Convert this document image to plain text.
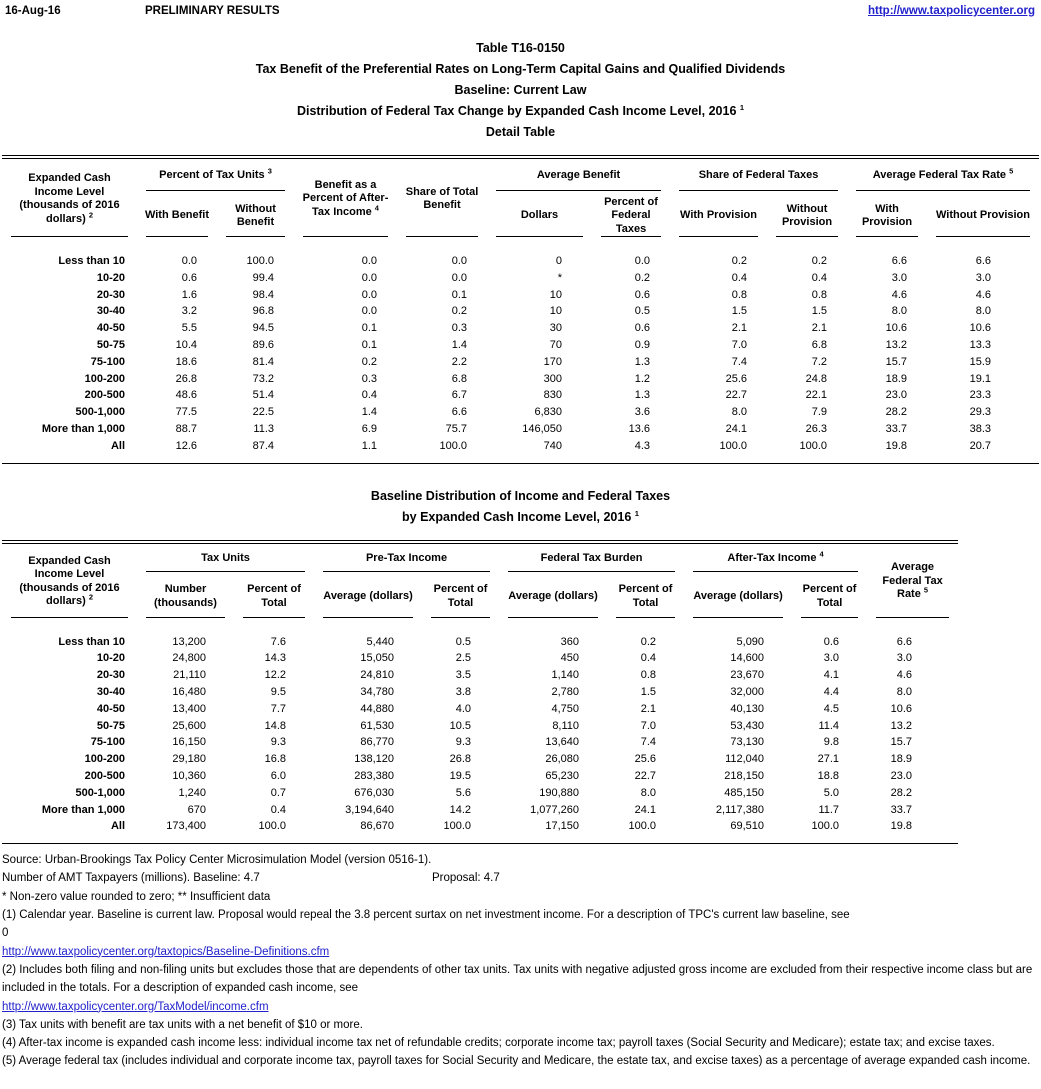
16-Aug-16	PRELIMINARY RESULTS	http://www.taxpolicycenter.org
Table T16-0150
Tax Benefit of the Preferential Rates on Long-Term Capital Gains and Qualified Dividends
Baseline: Current Law
Distribution of Federal Tax Change by Expanded Cash Income Level, 2016 $^1$
Detail Table
Expanded Cash Income Level (thousands of 2016 dollars) $^2$	Percent of Tax Units $^3$		Benefit as a Percent of After-Tax Income $^4$	Share of Total Benefit	Average Benefit		Share of Federal Taxes		Average Federal Tax Rate $^5$
	With Benefit	Without Benefit			Dollars	Percent of Federal Taxes	With Provision	Without Provision	With Provision	Without Provision
Less than 10	0.0	100.0	0.0	0.0	0	0.0	0.2	0.2	6.6	6.6
10-20	0.6	99.4	0.0	0.0	*	0.2	0.4	0.4	3.0	3.0
20-30	1.6	98.4	0.0	0.1	10	0.6	0.8	0.8	4.6	4.6
30-40	3.2	96.8	0.0	0.2	10	0.5	1.5	1.5	8.0	8.0
40-50	5.5	94.5	0.1	0.3	30	0.6	2.1	2.1	10.6	10.6
50-75	10.4	89.6	0.1	1.4	70	0.9	7.0	6.8	13.2	13.3
75-100	18.6	81.4	0.2	2.2	170	1.3	7.4	7.2	15.7	15.9
100-200	26.8	73.2	0.3	6.8	300	1.2	25.6	24.8	18.9	19.1
200-500	48.6	51.4	0.4	6.7	830	1.3	22.7	22.1	23.0	23.3
500-1,000	77.5	22.5	1.4	6.6	6,830	3.6	8.0	7.9	28.2	29.3
More than 1,000	88.7	11.3	6.9	75.7	146,050	13.6	24.1	26.3	33.7	38.3
All	12.6	87.4	1.1	100.0	740	4.3	100.0	100.0	19.8	20.7
Baseline Distribution of Income and Federal Taxes
by Expanded Cash Income Level, 2016 $^1$
Expanded Cash Income Level (thousands of 2016 dollars) $^2$	Tax Units		Pre-Tax Income		Federal Tax Burden		After-Tax Income $^4$		Average Federal Tax Rate $^5$
	Number (thousands)	Percent of Total	Average (dollars)	Percent of Total	Average (dollars)	Percent of Total	Average (dollars)	Percent of Total	
Less than 10	13,200	7.6	5,440	0.5	360	0.2	5,090	0.6	6.6
10-20	24,800	14.3	15,050	2.5	450	0.4	14,600	3.0	3.0
20-30	21,110	12.2	24,810	3.5	1,140	0.8	23,670	4.1	4.6
30-40	16,480	9.5	34,780	3.8	2,780	1.5	32,000	4.4	8.0
40-50	13,400	7.7	44,880	4.0	4,750	2.1	40,130	4.5	10.6
50-75	25,600	14.8	61,530	10.5	8,110	7.0	53,430	11.4	13.2
75-100	16,150	9.3	86,770	9.3	13,640	7.4	73,130	9.8	15.7
100-200	29,180	16.8	138,120	26.8	26,080	25.6	112,040	27.1	18.9
200-500	10,360	6.0	283,380	19.5	65,230	22.7	218,150	18.8	23.0
500-1,000	1,240	0.7	676,030	5.6	190,880	8.0	485,150	5.0	28.2
More than 1,000	670	0.4	3,194,640	14.2	1,077,260	24.1	2,117,380	11.7	33.7
All	173,400	100.0	86,670	100.0	17,150	100.0	69,510	100.0	19.8

Source: Urban-Brookings Tax Policy Center Microsimulation Model (version 0516-1).

Number of AMT Taxpayers (millions). Baseline: 4.7	Proposal: 4.7

* Non-zero value rounded to zero; ** Insufficient data

(1) Calendar year. Baseline is current law. Proposal would repeal the 3.8 percent surtax on net investment income. For a description of TPC's current law baseline, see

0

http://www.taxpolicycenter.org/taxtopics/Baseline-Definitions.cfm

(2) Includes both filing and non-filing units but excludes those that are dependents of other tax units. Tax units with negative adjusted gross income are excluded from their respective income class but are included in the totals. For a description of expanded cash income, see

http://www.taxpolicycenter.org/TaxModel/income.cfm

(3) Tax units with benefit are tax units with a net benefit of $10 or more.

(4) After-tax income is expanded cash income less: individual income tax net of refundable credits; corporate income tax; payroll taxes (Social Security and Medicare); estate tax; and excise taxes.

(5) Average federal tax (includes individual and corporate income tax, payroll taxes for Social Security and Medicare, the estate tax, and excise taxes) as a percentage of average expanded cash income.
